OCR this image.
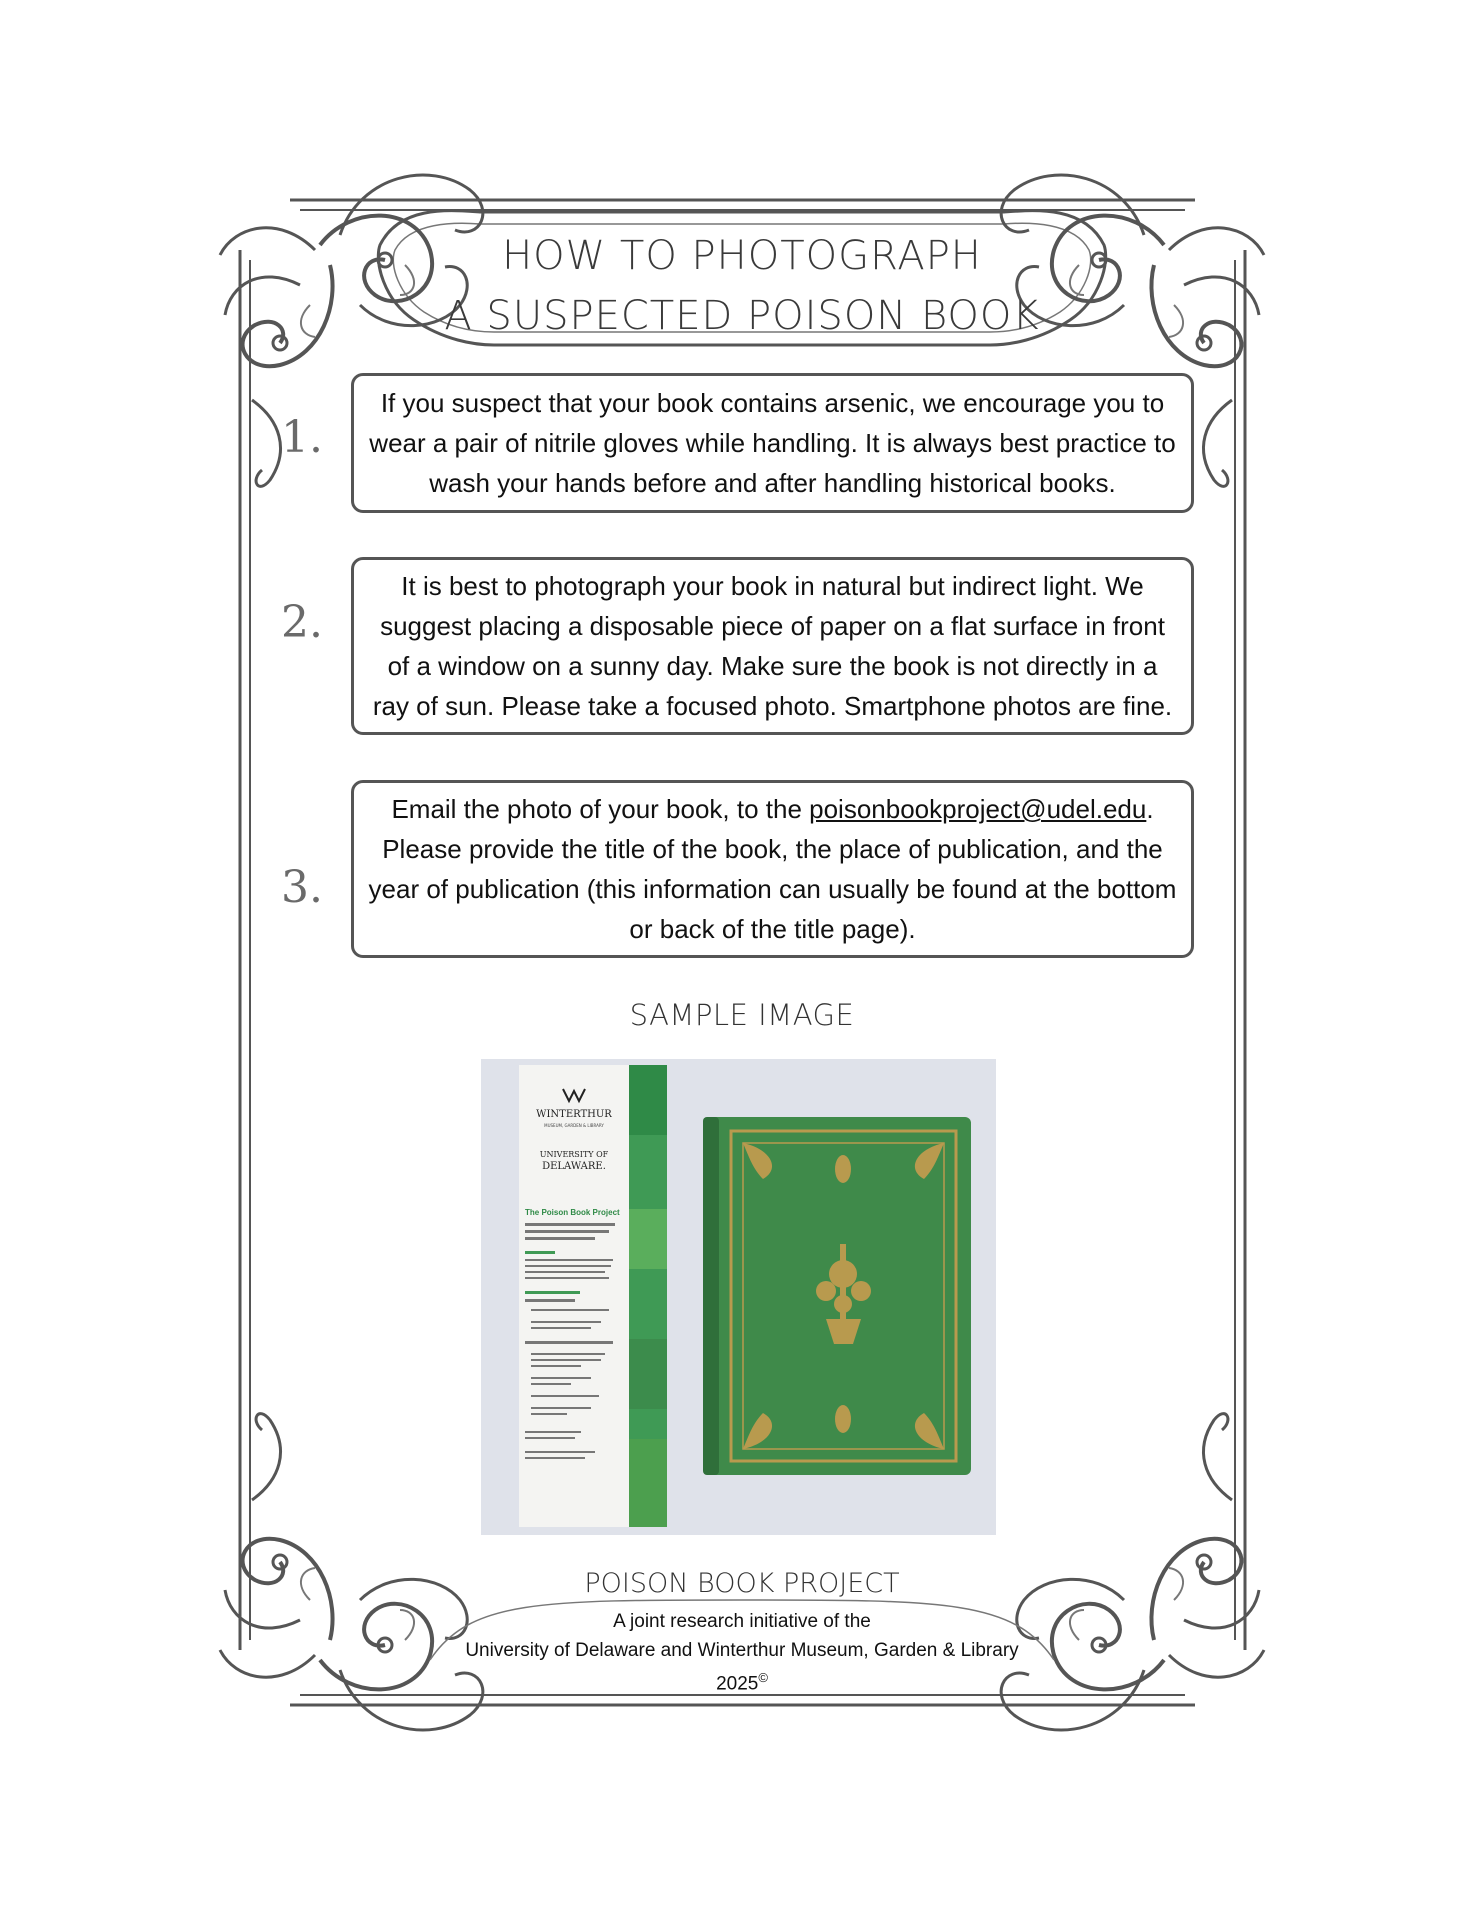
HOW TO PHOTOGRAPH
A SUSPECTED POISON BOOK
1.

If you suspect that your book contains arsenic, we encourage you to wear a pair of nitrile gloves while handling. It is always best practice to wash your hands before and after handling historical books.

2.

It is best to photograph your book in natural but indirect light. We suggest placing a disposable piece of paper on a flat surface in front of a window on a sunny day. Make sure the book is not directly in a ray of sun. Please take a focused photo. Smartphone photos are fine.

3.

Email the photo of your book, to the poisonbookproject@udel.edu. Please provide the title of the book, the place of publication, and the year of publication (this information can usually be found at the bottom or back of the title page).

SAMPLE IMAGE
WINTERTHUR
MUSEUM, GARDEN & LIBRARY
UNIVERSITY OF
DELAWARE.
The Poison Book Project
POISON BOOK PROJECT
A joint research initiative of the
University of Delaware and Winterthur Museum, Garden & Library
2025©
